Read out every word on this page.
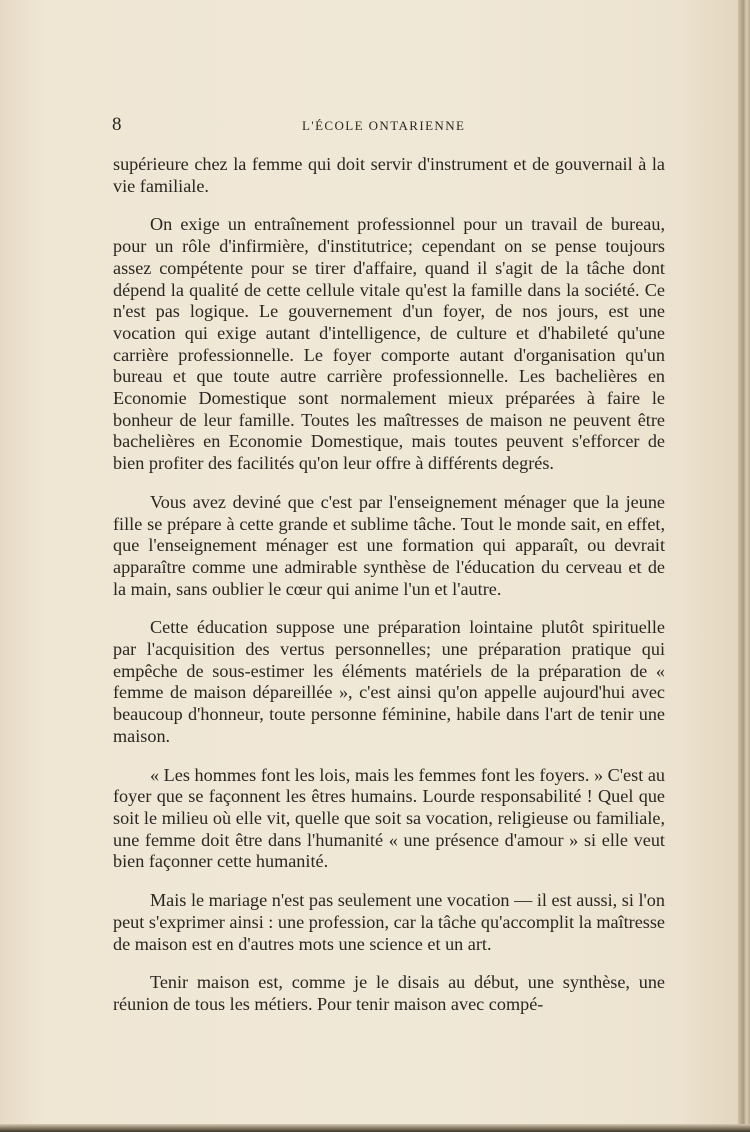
8	L'ÉCOLE ONTARIENNE

supérieure chez la femme qui doit servir d'instrument et de gouvernail à la vie familiale.

On exige un entraînement professionnel pour un travail de bureau, pour un rôle d'infirmière, d'institutrice; cependant on se pense toujours assez compétente pour se tirer d'affaire, quand il s'agit de la tâche dont dépend la qualité de cette cellule vitale qu'est la famille dans la société. Ce n'est pas logique. Le gouvernement d'un foyer, de nos jours, est une vocation qui exige autant d'intelligence, de culture et d'habileté qu'une carrière professionnelle. Le foyer comporte autant d'organisation qu'un bureau et que toute autre carrière professionnelle. Les bachelières en Economie Domestique sont normalement mieux préparées à faire le bonheur de leur famille. Toutes les maîtresses de maison ne peuvent être bachelières en Economie Domestique, mais toutes peuvent s'efforcer de bien profiter des facilités qu'on leur offre à différents degrés.

Vous avez deviné que c'est par l'enseignement ménager que la jeune fille se prépare à cette grande et sublime tâche. Tout le monde sait, en effet, que l'enseignement ménager est une formation qui apparaît, ou devrait apparaître comme une admirable synthèse de l'éducation du cerveau et de la main, sans oublier le cœur qui anime l'un et l'autre.

Cette éducation suppose une préparation lointaine plutôt spirituelle par l'acquisition des vertus personnelles; une préparation pratique qui empêche de sous-estimer les éléments matériels de la préparation de « femme de maison dépareillée », c'est ainsi qu'on appelle aujourd'hui avec beaucoup d'honneur, toute personne féminine, habile dans l'art de tenir une maison.

« Les hommes font les lois, mais les femmes font les foyers. » C'est au foyer que se façonnent les êtres humains. Lourde responsabilité ! Quel que soit le milieu où elle vit, quelle que soit sa vocation, religieuse ou familiale, une femme doit être dans l'humanité « une présence d'amour » si elle veut bien façonner cette humanité.

Mais le mariage n'est pas seulement une vocation — il est aussi, si l'on peut s'exprimer ainsi : une profession, car la tâche qu'accomplit la maîtresse de maison est en d'autres mots une science et un art.

Tenir maison est, comme je le disais au début, une synthèse, une réunion de tous les métiers. Pour tenir maison avec compé-
